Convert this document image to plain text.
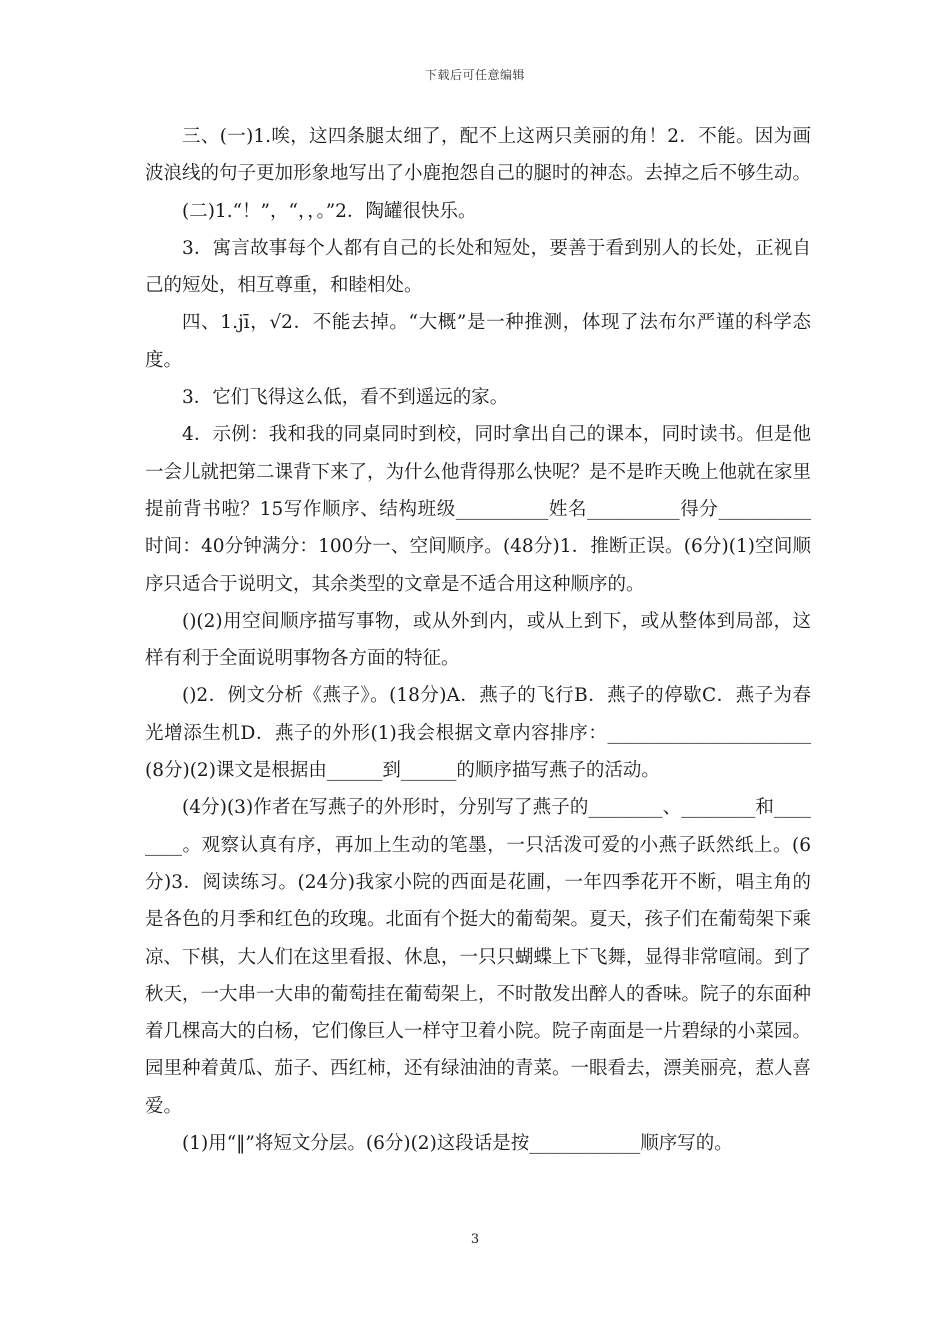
下载后可任意编辑

三、(一)1.唉，这四条腿太细了，配不上这两只美丽的角！2．不能。因为画波浪线的句子更加形象地写出了小鹿抱怨自己的腿时的神态。去掉之后不够生动。

(二)1.“！”，“，，。”2．陶罐很快乐。

3．寓言故事每个人都有自己的长处和短处，要善于看到别人的长处，正视自己的短处，相互尊重，和睦相处。

四、1.jī，√2．不能去掉。“大概”是一种推测，体现了法布尔严谨的科学态度。

3．它们飞得这么低，看不到遥远的家。

4．示例：我和我的同桌同时到校，同时拿出自己的课本，同时读书。但是他一会儿就把第二课背下来了，为什么他背得那么快呢？是不是昨天晚上他就在家里提前背书啦？15写作顺序、结构班级__________姓名__________得分__________时间：40分钟满分：100分一、空间顺序。(48分)1．推断正误。(6分)(1)空间顺序只适合于说明文，其余类型的文章是不适合用这种顺序的。

()(2)用空间顺序描写事物，或从外到内，或从上到下，或从整体到局部，这样有利于全面说明事物各方面的特征。

()2．例文分析《燕子》。(18分)A．燕子的飞行B．燕子的停歇C．燕子为春光增添生机D．燕子的外形(1)我会根据文章内容排序：______________________(8分)(2)课文是根据由______到______的顺序描写燕子的活动。

(4分)(3)作者在写燕子的外形时，分别写了燕子的________、________和________。观察认真有序，再加上生动的笔墨，一只活泼可爱的小燕子跃然纸上。(6分)3．阅读练习。(24分)我家小院的西面是花圃，一年四季花开不断，唱主角的是各色的月季和红色的玫瑰。北面有个挺大的葡萄架。夏天，孩子们在葡萄架下乘凉、下棋，大人们在这里看报、休息，一只只蝴蝶上下飞舞，显得非常喧闹。到了秋天，一大串一大串的葡萄挂在葡萄架上，不时散发出醉人的香味。院子的东面种着几棵高大的白杨，它们像巨人一样守卫着小院。院子南面是一片碧绿的小菜园。园里种着黄瓜、茄子、西红柿，还有绿油油的青菜。一眼看去，漂美丽亮，惹人喜爱。

(1)用“‖”将短文分层。(6分)(2)这段话是按____________顺序写的。

3
